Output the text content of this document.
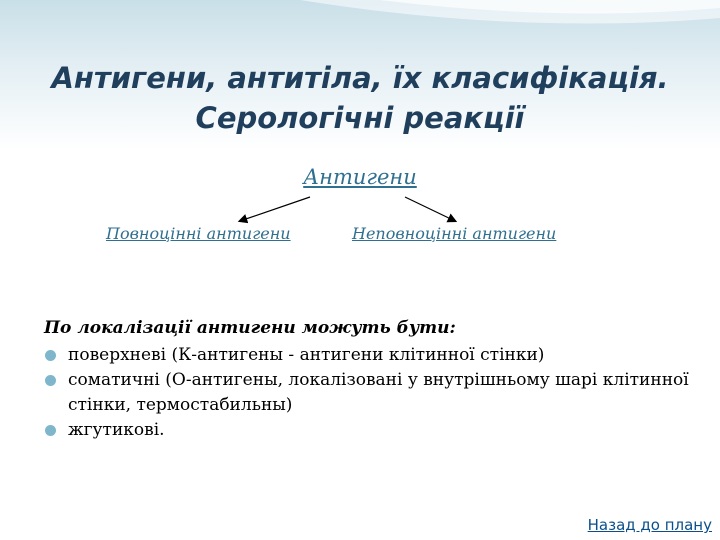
Антигени, антитіла, їх класифікація.
Серологічні реакції
Антигени
Повноцінні антигени	Неповноцінні антигени

По локалізації антигени можуть бути:

поверхневі (К-антигены - антигени клітинної стінки)
соматичні (О-антигены, локалізовані у внутрішньому шарі клітинної стінки, термостабильны)
жгутикові.
Назад до плану
